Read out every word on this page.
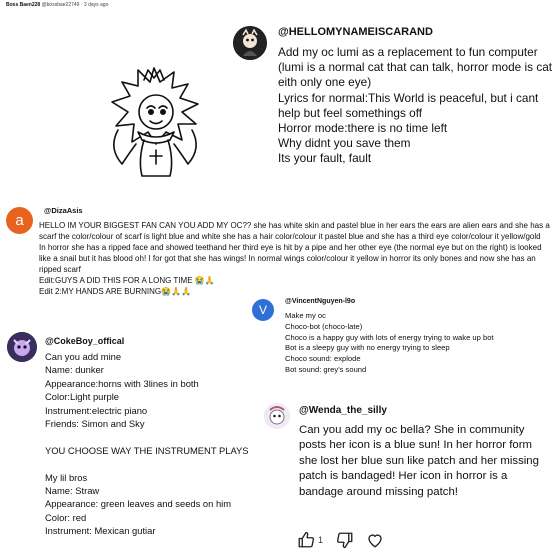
Boss Baen228 @bossbae22749 · 3 days ago
@HELLOMYNAMEISCARAND
Add my oc lumi as a replacement to fun computer (lumi is a normal cat that can talk, horror mode is cat eith only one eye)
Lyrics for normal:This World is peaceful, but i cant help but feel somethings off
Horror mode:there is no time left
Why didnt you save them
Its your fault, fault
a
@DizaAsis
HELLO IM YOUR BIGGEST FAN CAN YOU ADD MY OC?? she has white skin and pastel blue in her ears the ears are alien ears and she has a scarf the color/colour of scarf is light blue and white she has a hair color/colour it pastel blue and she has a third eye color/colour it yellow/gold
In horror she has a ripped face and showed teethand her third eye is hit by a pipe and her other eye (the normal eye but on the right) is looked like a snail but it has blood oh! I for got that she has wings! In normal wings color/colour it yellow in horror its only bones and now she has an ripped scarf
Edit:GUYS A DID THIS FOR A LONG TIME 😭🙏
Edit 2:MY HANDS ARE BURNING😭🙏🙏
@CokeBoy_offical
Can you add mine
Name: dunker
Appearance:horns with 3lines in both
Color:Light purple
Instrument:electric piano
Friends: Simon and Sky

YOU CHOOSE WAY THE INSTRUMENT PLAYS

My lil bros
Name: Straw
Appearance: green leaves and seeds on him
Color: red
Instrument: Mexican gutiar
V
@VincentNguyen-l9o
Make my oc
Choco-bot (choco-late)
Choco is a happy guy with lots of energy trying to wake up bot
Bot is a sleepy guy with no energy trying to sleep
Choco sound: explode
Bot sound: grey's sound
@Wenda_the_silly
Can you add my oc bella? She in community posts her icon is a blue sun! In her horror form she lost her blue sun like patch and her missing patch is bandaged! Her icon in horror is a bandage around missing patch!
1
